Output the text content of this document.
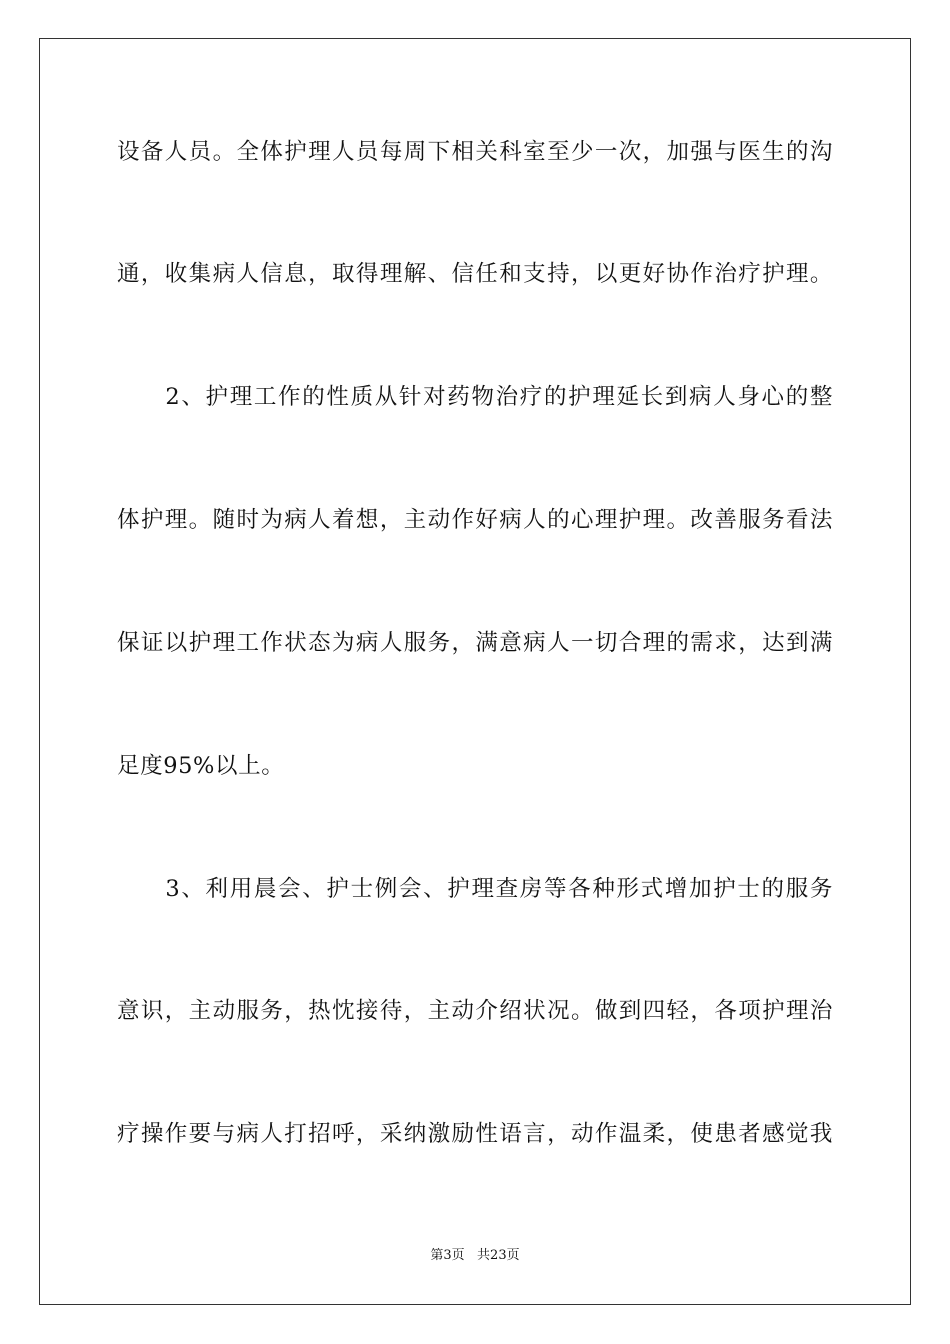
设备人员。全体护理人员每周下相关科室至少一次，加强与医生的沟
通，收集病人信息，取得理解、信任和支持，以更好协作治疗护理。
　　2、护理工作的性质从针对药物治疗的护理延长到病人身心的整
体护理。随时为病人着想，主动作好病人的心理护理。改善服务看法
保证以护理工作状态为病人服务，满意病人一切合理的需求，达到满
足度95%以上。
　　3、利用晨会、护士例会、护理查房等各种形式增加护士的服务
意识，主动服务，热忱接待，主动介绍状况。做到四轻，各项护理治
疗操作要与病人打招呼，采纳激励性语言，动作温柔，使患者感觉我
第3页   共23页
